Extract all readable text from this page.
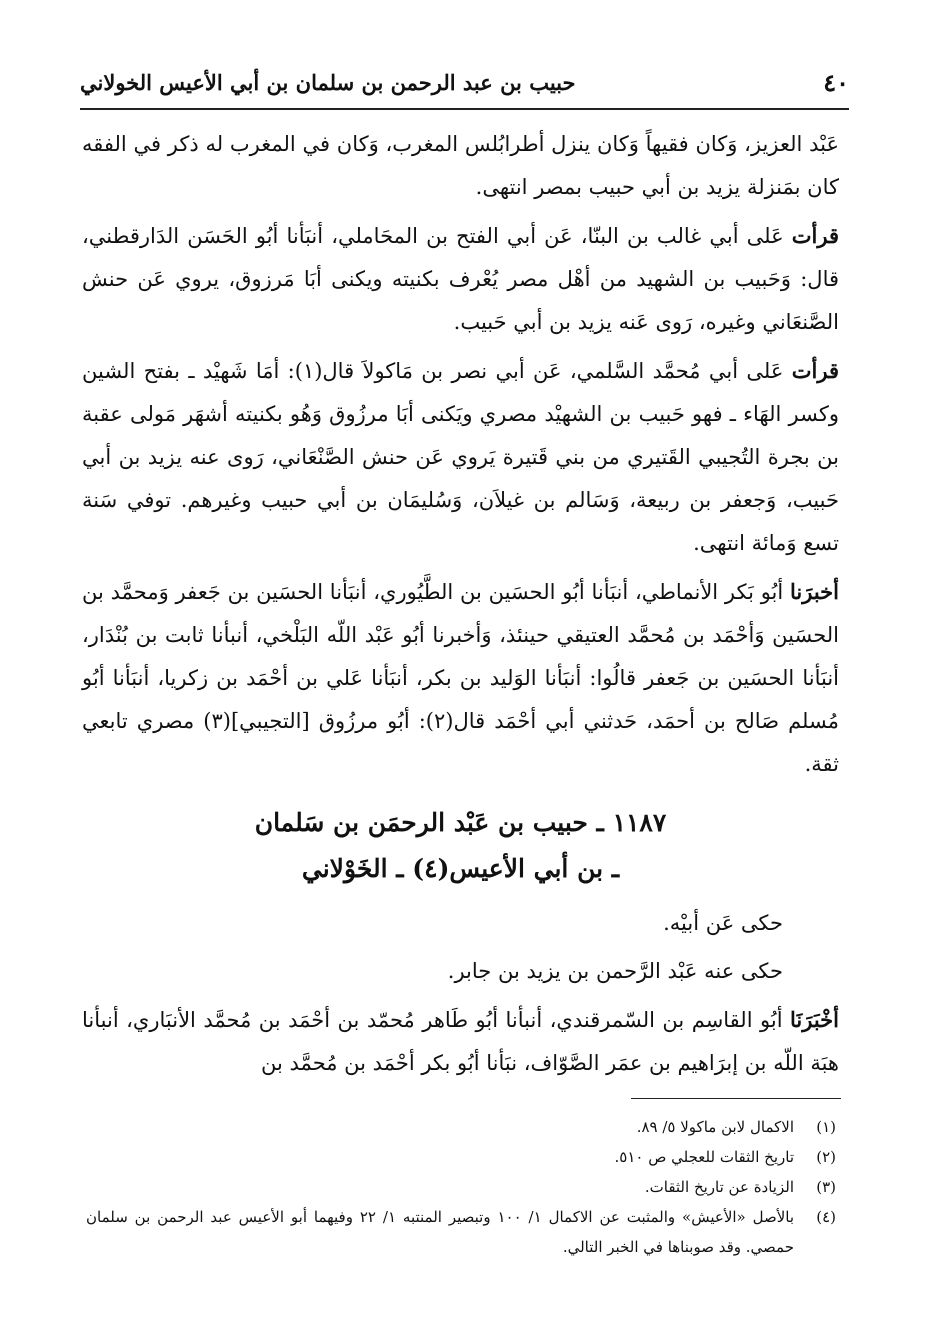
٤٠
حبيب بن عبد الرحمن بن سلمان بن أبي الأعيس الخولاني

عَبْد العزيز، وَكان فقيهاً وَكان ينزل أطرابُلس المغرب، وَكان في المغرب له ذكر في الفقه كان بمَنزلة يزيد بن أبي حبيب بمصر انتهى.

قرأت عَلى أبي غالب بن البنّا، عَن أبي الفتح بن المحَاملي، أنبَأنا أبُو الحَسَن الدَارقطني، قال: وَحَبيب بن الشهيد من أهْل مصر يُعْرف بكنيته ويكنى أبَا مَرزوق، يروي عَن حنش الصَّنعَاني وغيره، رَوى عَنه يزيد بن أبي حَبيب.

قرأت عَلى أبي مُحمَّد السَّلمي، عَن أبي نصر بن مَاكولاَ قال(١): أمَا شَهيْد ـ بفتح الشين وكسر الهَاء ـ فهو حَبيب بن الشهيْد مصري ويَكنى أبَا مرزُوق وَهُو بكنيته أشهَر مَولى عقبة بن بجرة التُجيبي القَتيري من بني قَتيرة يَروي عَن حنش الصَّنْعَاني، رَوى عنه يزيد بن أبي حَبيب، وَجعفر بن ربيعة، وَسَالم بن غيلاَن، وَسُليمَان بن أبي حبيب وغيرهم. توفي سَنة تسع وَمائة انتهى.

أخبرَنا أبُو بَكر الأنماطي، أنبَأنا أبُو الحسَين بن الطَّيُوري، أنبَأنا الحسَين بن جَعفر وَمحمَّد بن الحسَين وَأحْمَد بن مُحمَّد العتيقي حينئذ، وَأخبرنا أبُو عَبْد اللّه البَلْخي، أنبأنا ثابت بن بُنْدَار، أنبَأنا الحسَين بن جَعفر قالُوا: أنبَأنا الوَليد بن بكر، أنبَأنا عَلي بن أحْمَد بن زكريا، أنبَأنا أبُو مُسلم صَالح بن أحمَد، حَدثني أبي أحْمَد قال(٢): أبُو مرزُوق [التجيبي](٣) مصري تابعي ثقة.

١١٨٧ ـ حبيب بن عَبْد الرحمَن بن سَلمان
ـ بن أبي الأعيس(٤) ـ الخَوْلاني

حكى عَن أبيْه.

حكى عنه عَبْد الرَّحمن بن يزيد بن جابر.

أخْبَرَنَا أبُو القاسِم بن السّمرقندي، أنبأنا أبُو طَاهر مُحمّد بن أحْمَد بن مُحمَّد الأنبَاري، أنبأنا هبَة اللّه بن إبرَاهيم بن عمَر الصَّوّاف، نبَأنا أبُو بكر أحْمَد بن مُحمَّد بن

(١)
الاكمال لابن ماكولا ٥/ ٨٩.
(٢)
تاريخ الثقات للعجلي ص ٥١٠.
(٣)
الزيادة عن تاريخ الثقات.
(٤)
بالأصل «الأعيش» والمثبت عن الاكمال ١/ ١٠٠ وتبصير المنتبه ١/ ٢٢ وفيهما أبو الأعيس عبد الرحمن بن سلمان حمصي. وقد صوبناها في الخبر التالي.
